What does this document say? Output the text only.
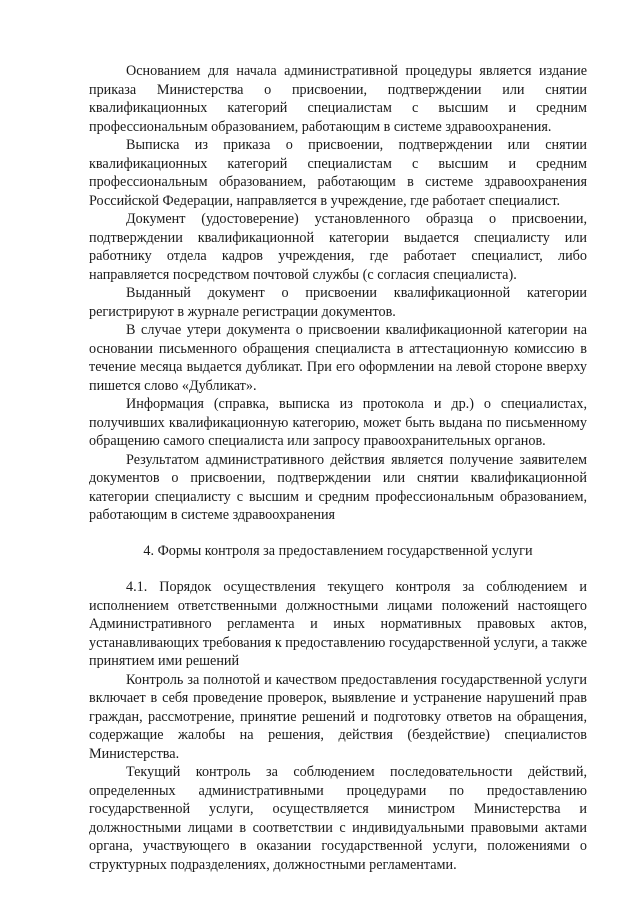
Основанием для начала административной процедуры является издание приказа Министерства о присвоении, подтверждении или снятии квалификационных категорий специалистам с высшим и средним профессиональным образованием, работающим в системе здравоохранения.

Выписка из приказа о присвоении, подтверждении или снятии квалификационных категорий специалистам с высшим и средним профессиональным образованием, работающим в системе здравоохранения Российской Федерации, направляется в учреждение, где работает специалист.

Документ (удостоверение) установленного образца о присвоении, подтверждении квалификационной категории выдается специалисту или работнику отдела кадров учреждения, где работает специалист, либо направляется посредством почтовой службы (с согласия специалиста).

Выданный документ о присвоении квалификационной категории регистрируют в журнале регистрации документов.

В случае утери документа о присвоении квалификационной категории на основании письменного обращения специалиста в аттестационную комиссию в течение месяца выдается дубликат. При его оформлении на левой стороне вверху пишется слово «Дубликат».

Информация (справка, выписка из протокола и др.) о специалистах, получивших квалификационную категорию, может быть выдана по письменному обращению самого специалиста или запросу правоохранительных органов.

Результатом административного действия является получение заявителем документов о присвоении, подтверждении или снятии квалификационной категории специалисту с высшим и средним профессиональным образованием, работающим в системе здравоохранения

4. Формы контроля за предоставлением государственной услуги

4.1. Порядок осуществления текущего контроля за соблюдением и исполнением ответственными должностными лицами положений настоящего Административного регламента и иных нормативных правовых актов, устанавливающих требования к предоставлению государственной услуги, а также принятием ими решений

Контроль за полнотой и качеством предоставления государственной услуги включает в себя проведение проверок, выявление и устранение нарушений прав граждан, рассмотрение, принятие решений и подготовку ответов на обращения, содержащие жалобы на решения, действия (бездействие) специалистов Министерства.

Текущий контроль за соблюдением последовательности действий, определенных административными процедурами по предоставлению государственной услуги, осуществляется министром Министерства и должностными лицами в соответствии с индивидуальными правовыми актами органа, участвующего в оказании государственной услуги, положениями о структурных подразделениях, должностными регламентами.
